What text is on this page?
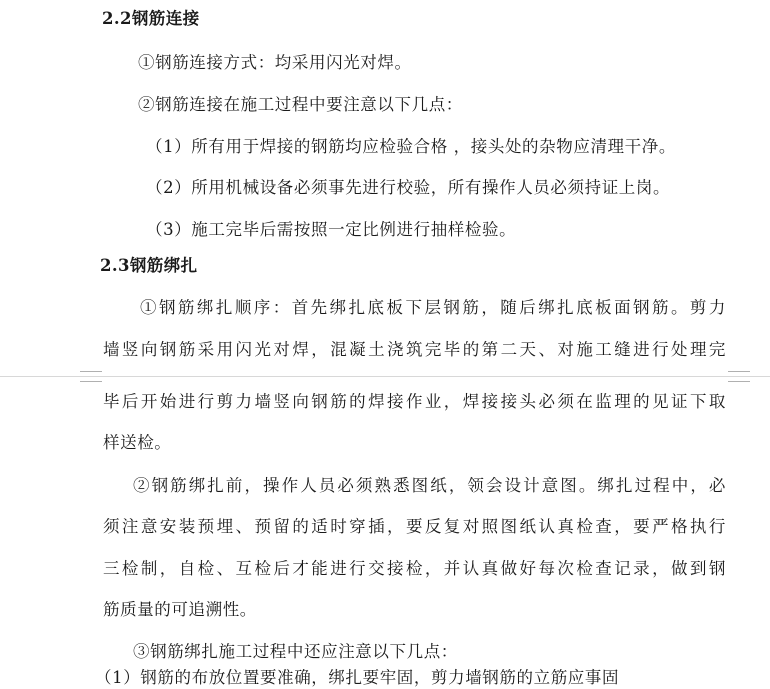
2.2钢筋连接
①钢筋连接方式：均采用闪光对焊。
②钢筋连接在施工过程中要注意以下几点：
（1）所有用于焊接的钢筋均应检验合格 ，接头处的杂物应清理干净。
（2）所用机械设备必须事先进行校验，所有操作人员必须持证上岗。
（3）施工完毕后需按照一定比例进行抽样检验。
2.3钢筋绑扎
①钢筋绑扎顺序：首先绑扎底板下层钢筋，随后绑扎底板面钢筋。剪力
墙竖向钢筋采用闪光对焊，混凝土浇筑完毕的第二天、对施工缝进行处理完
毕后开始进行剪力墙竖向钢筋的焊接作业，焊接接头必须在监理的见证下取
样送检。
②钢筋绑扎前，操作人员必须熟悉图纸，领会设计意图。绑扎过程中，必
须注意安装预埋、预留的适时穿插，要反复对照图纸认真检查，要严格执行
三检制，自检、互检后才能进行交接检，并认真做好每次检查记录，做到钢
筋质量的可追溯性。
③钢筋绑扎施工过程中还应注意以下几点：
（1）钢筋的布放位置要准确，绑扎要牢固，剪力墙钢筋的立筋应事固
